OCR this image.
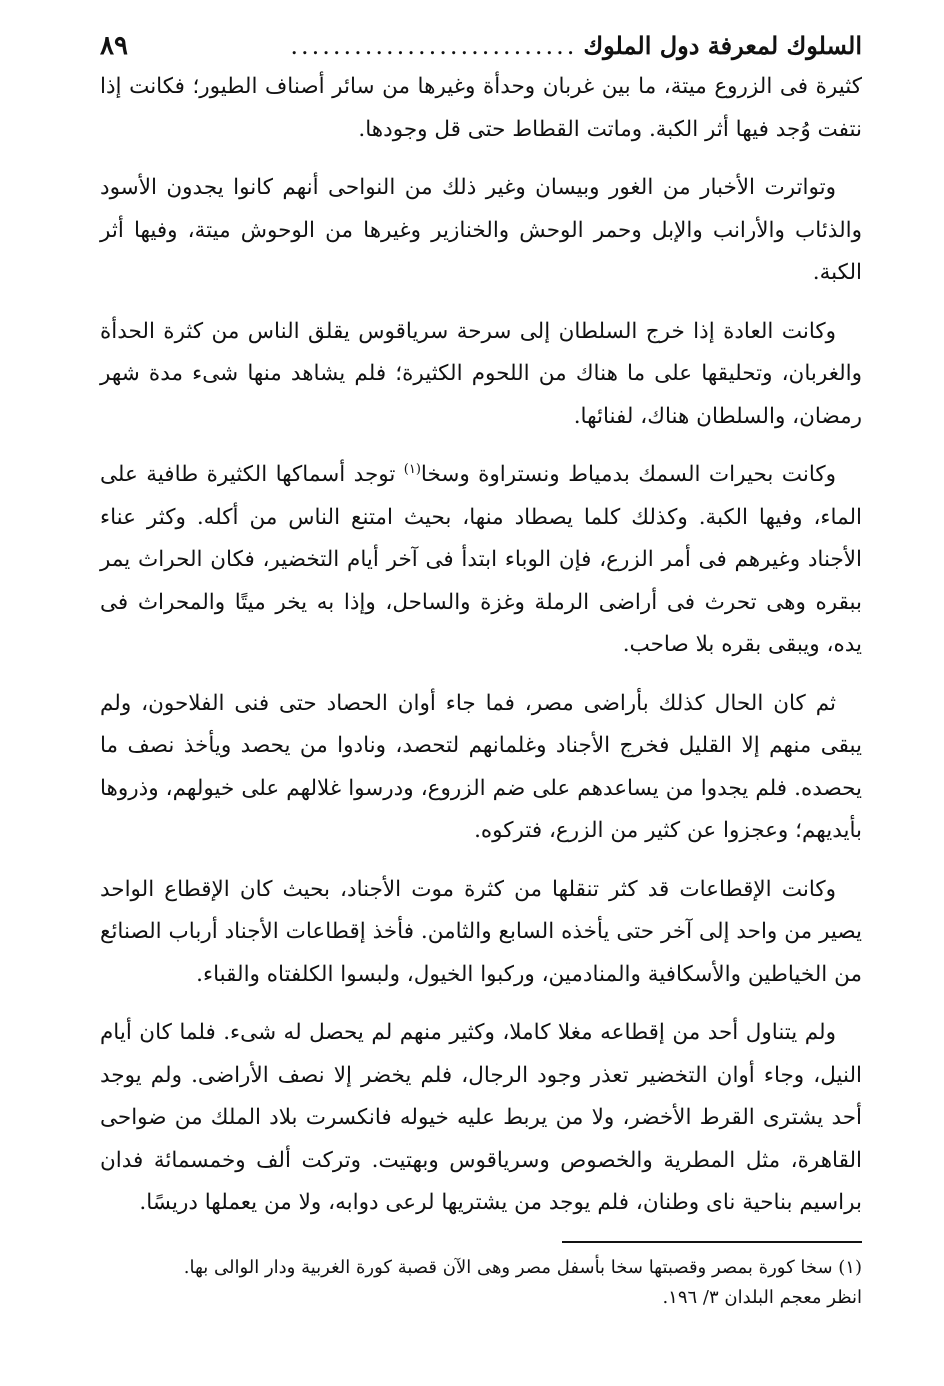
السلوك لمعرفة دول الملوك
...........................
٨٩

كثيرة فى الزروع ميتة، ما بين غربان وحدأة وغيرها من سائر أصناف الطيور؛ فكانت إذا نتفت وُجد فيها أثر الكبة. وماتت القطاط حتى قل وجودها.

وتواترت الأخبار من الغور وبيسان وغير ذلك من النواحى أنهم كانوا يجدون الأسود والذئاب والأرانب والإبل وحمر الوحش والخنازير وغيرها من الوحوش ميتة، وفيها أثر الكبة.

وكانت العادة إذا خرج السلطان إلى سرحة سرياقوس يقلق الناس من كثرة الحدأة والغربان، وتحليقها على ما هناك من اللحوم الكثيرة؛ فلم يشاهد منها شىء مدة شهر رمضان، والسلطان هناك، لفنائها.

وكانت بحيرات السمك بدمياط ونستراوة وسخا$^{(١)}$ توجد أسماكها الكثيرة طافية على الماء، وفيها الكبة. وكذلك كلما يصطاد منها، بحيث امتنع الناس من أكله. وكثر عناء الأجناد وغيرهم فى أمر الزرع، فإن الوباء ابتدأ فى آخر أيام التخضير، فكان الحراث يمر ببقره وهى تحرث فى أراضى الرملة وغزة والساحل، وإذا به يخر ميتًا والمحراث فى يده، ويبقى بقره بلا صاحب.

ثم كان الحال كذلك بأراضى مصر، فما جاء أوان الحصاد حتى فنى الفلاحون، ولم يبقى منهم إلا القليل فخرج الأجناد وغلمانهم لتحصد، ونادوا من يحصد ويأخذ نصف ما يحصده. فلم يجدوا من يساعدهم على ضم الزروع، ودرسوا غلالهم على خيولهم، وذروها بأيديهم؛ وعجزوا عن كثير من الزرع، فتركوه.

وكانت الإقطاعات قد كثر تنقلها من كثرة موت الأجناد، بحيث كان الإقطاع الواحد يصير من واحد إلى آخر حتى يأخذه السابع والثامن. فأخذ إقطاعات الأجناد أرباب الصنائع من الخياطين والأسكافية والمنادمين، وركبوا الخيول، ولبسوا الكلفتاه والقباء.

ولم يتناول أحد من إقطاعه مغلا كاملا، وكثير منهم لم يحصل له شىء. فلما كان أيام النيل، وجاء أوان التخضير تعذر وجود الرجال، فلم يخضر إلا نصف الأراضى. ولم يوجد أحد يشترى القرط الأخضر، ولا من يربط عليه خيوله فانكسرت بلاد الملك من ضواحى القاهرة، مثل المطرية والخصوص وسرياقوس وبهتيت. وتركت ألف وخمسمائة فدان براسيم بناحية ناى وطنان، فلم يوجد من يشتريها لرعى دوابه، ولا من يعملها دريسًا.

(١) سخا كورة بمصر وقصبتها سخا بأسفل مصر وهى الآن قصبة كورة الغربية ودار الوالى بها.

انظر معجم البلدان ٣/ ١٩٦.
